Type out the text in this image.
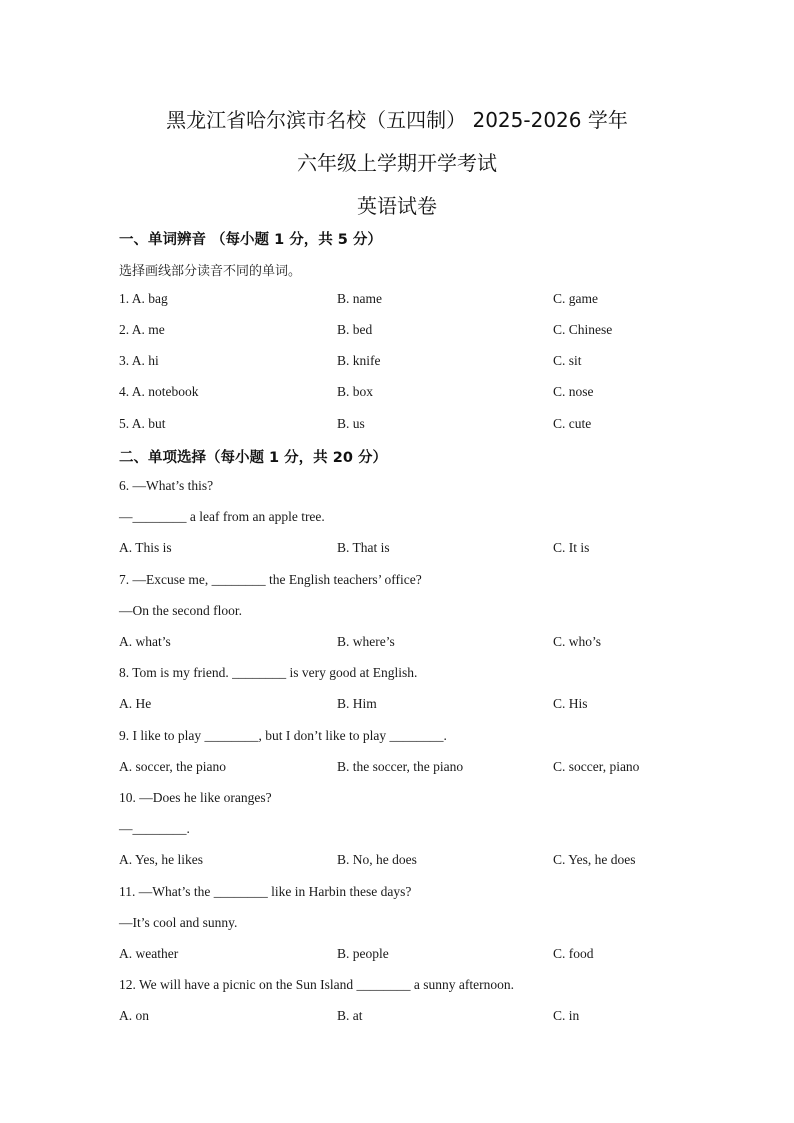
黑龙江省哈尔滨市名校（五四制） 2025-2026 学年
六年级上学期开学考试
英语试卷
一、单词辨音 （每小题 1 分，共 5 分）
选择画线部分读音不同的单词。
1. A. bag	B. name	C. game
2. A. me	B. bed	C. Chinese
3. A. hi	B. knife	C. sit
4. A. notebook	B. box	C. nose
5. A. but	B. us	C. cute
二、单项选择（每小题 1 分，共 20 分）
6. —What’s this?
—________ a leaf from an apple tree.
A. This is	B. That is	C. It is
7. —Excuse me, ________ the English teachers’ office?
—On the second floor.
A. what’s	B. where’s	C. who’s
8. Tom is my friend. ________ is very good at English.
A. He	B. Him	C. His
9. I like to play ________, but I don’t like to play ________.
A. soccer, the piano	B. the soccer, the piano	C. soccer, piano
10. —Does he like oranges?
—________.
A. Yes, he likes	B. No, he does	C. Yes, he does
11. —What’s the ________ like in Harbin these days?
—It’s cool and sunny.
A. weather	B. people	C. food
12. We will have a picnic on the Sun Island ________ a sunny afternoon.
A. on	B. at	C. in
